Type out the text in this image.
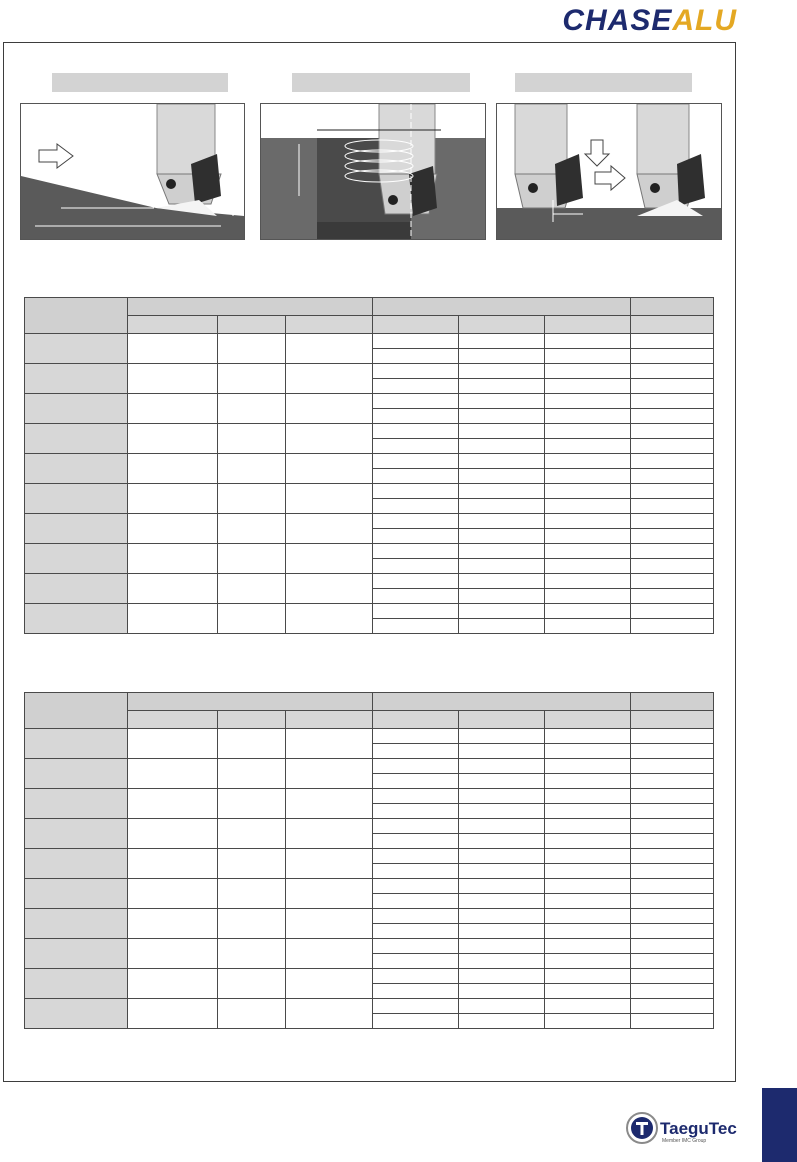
CHASEALU

TaeguTec
Member IMC Group
